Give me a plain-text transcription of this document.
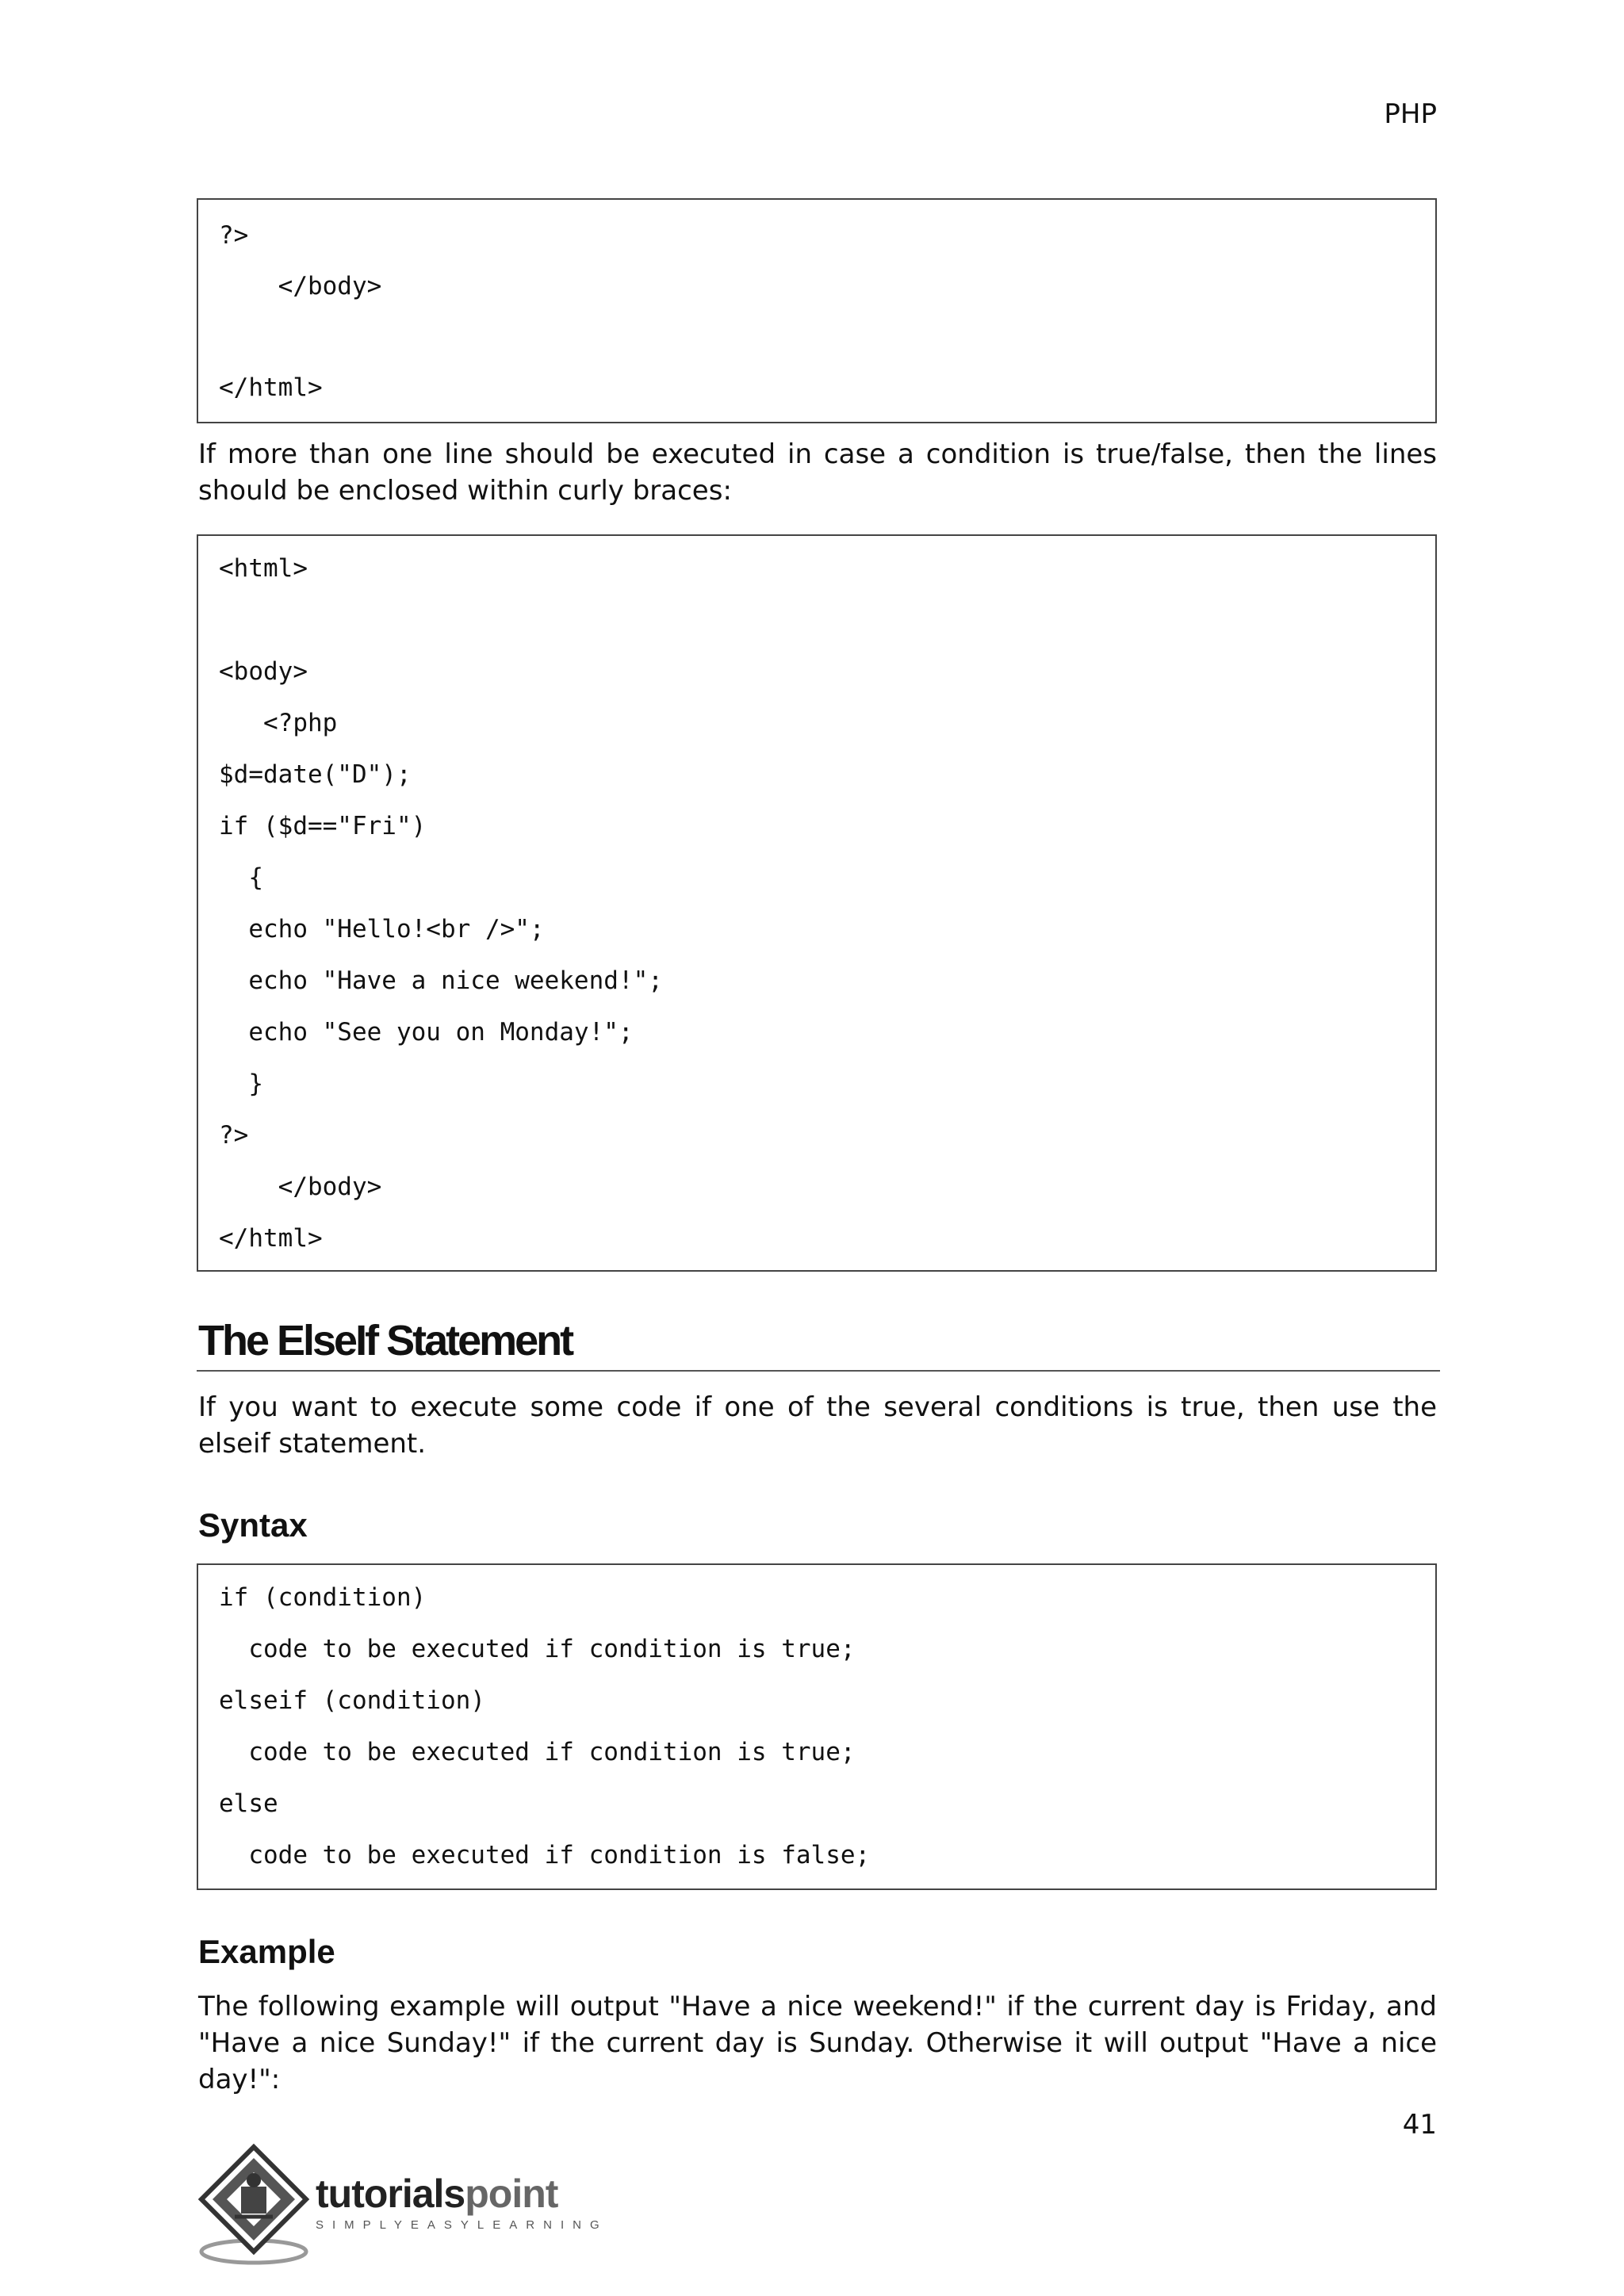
PHP
?>
</body>
</html>
If more than one line should be executed in case a condition is true/false, then the lines should be enclosed within curly braces:
<html>
<body>
<?php
$d=date("D");
if ($d=="Fri")
{
echo "Hello!<br />";
echo "Have a nice weekend!";
echo "See you on Monday!";
}
?>
</body>
</html>
The ElseIf Statement
If you want to execute some code if one of the several conditions is true, then use the elseif statement.
Syntax
if (condition)
code to be executed if condition is true;
elseif (condition)
code to be executed if condition is true;
else
code to be executed if condition is false;
Example
The following example will output "Have a nice weekend!" if the current day is Friday, and "Have a nice Sunday!" if the current day is Sunday. Otherwise it will output "Have a nice day!":
41
tutorialspoint
SIMPLYEASYLEARNING
